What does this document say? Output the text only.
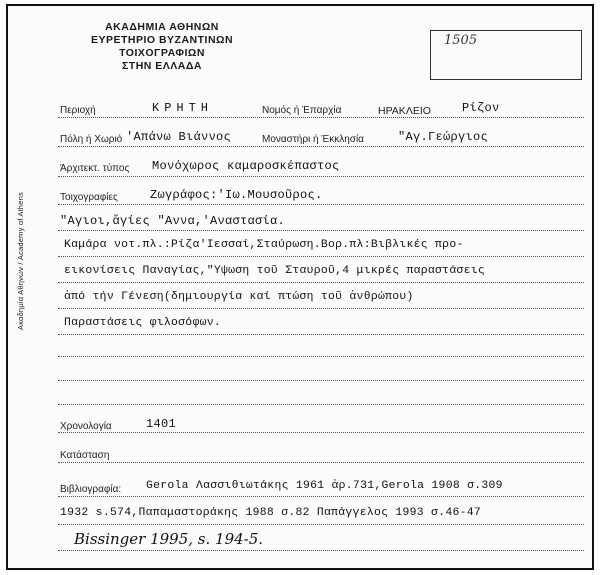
Ακαδημία Αθηνών / Academy of Athens
ΑΚΑΔΗΜΙΑ ΑΘΗΝΩΝ
ΕΥΡΕΤΗΡΙΟ ΒΥΖΑΝΤΙΝΩΝ ΤΟΙΧΟΓΡΑΦΙΩΝ
ΣΤΗΝ ΕΛΛΑΔΑ
1505
Περιοχή	ΚΡΗΤΗ	Νομός ή Έπαρχία	ΗΡΑΚΛΕΙΟ	Ρίζον
Πόλη ή Χωριό 'Απάνω Βιάννος	Μοναστήρι ή Έκκλησία	"Αγ.Γεώργιος
Άρχιτεκτ. τύπος Μονόχωρος καμαροσκέπαστος
Τοιχογραφίες	Ζωγράφος:'Ιω.Μουσοῦρος.
"Αγιοι,ἅγίες "Αννα,'Αναστασία.
Καμάρα νοτ.πλ.:Ρίζα'Ιεσσαί,Σταύρωση.Βορ.πλ:Βιβλικές προ-
εικονίσεις Παναγίας,"Υψωση τοῦ Σταυροῦ,4 μικρές παραστάσεις
ἀπό τήν Γένεση(δημιουργία καί πτώση τοῦ ἀνθρώπου)
Παραστάσεις φιλοσόφων.
Χρονολογία	1401
Κατάσταση
Βιβλιογραφία: Gerola Λασσιθιωτάκης 1961 ἀρ.731,Gerola 1908 σ.309
1932 s.574,Παπαμαστοράκης 1988 σ.82 Παπάγγελος 1993 σ.46-47
Bissinger 1995, s. 194-5.
